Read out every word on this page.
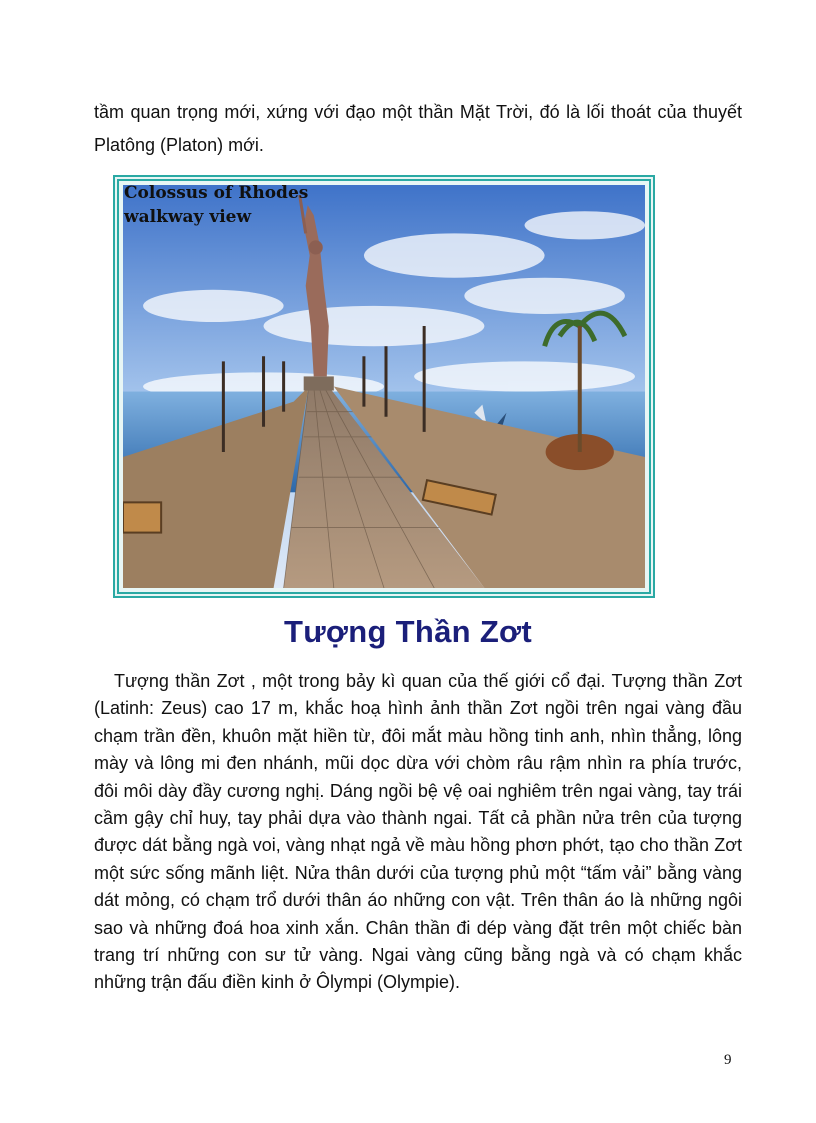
tầm quan trọng mới, xứng với đạo một thần Mặt Trời, đó là lối thoát của thuyết Platông (Platon) mới.

Colossus of Rhodes
walkway view
Tượng Thần Zơt

Tượng thần Zơt , một trong bảy kì quan của thế giới cổ đại. Tượng thần Zơt (Latinh: Zeus) cao 17 m, khắc hoạ hình ảnh thần Zơt ngồi trên ngai vàng đầu chạm trần đền, khuôn mặt hiền từ, đôi mắt màu hồng tinh anh, nhìn thẳng, lông mày và lông mi đen nhánh, mũi dọc dừa với chòm râu rậm nhìn ra phía trước, đôi môi dày đầy cương nghị. Dáng ngồi bệ vệ oai nghiêm trên ngai vàng, tay trái cầm gậy chỉ huy, tay phải dựa vào thành ngai. Tất cả phần nửa trên của tượng được dát bằng ngà voi, vàng nhạt ngả về màu hồng phơn phớt, tạo cho thần Zơt một sức sống mãnh liệt. Nửa thân dưới của tượng phủ một “tấm vải” bằng vàng dát mỏng, có chạm trổ dưới thân áo những con vật. Trên thân áo là những ngôi sao và những đoá hoa xinh xắn. Chân thần đi dép vàng đặt trên một chiếc bàn trang trí những con sư tử vàng. Ngai vàng cũng bằng ngà và có chạm khắc những trận đấu điền kinh ở Ôlympi (Olympie).

9
